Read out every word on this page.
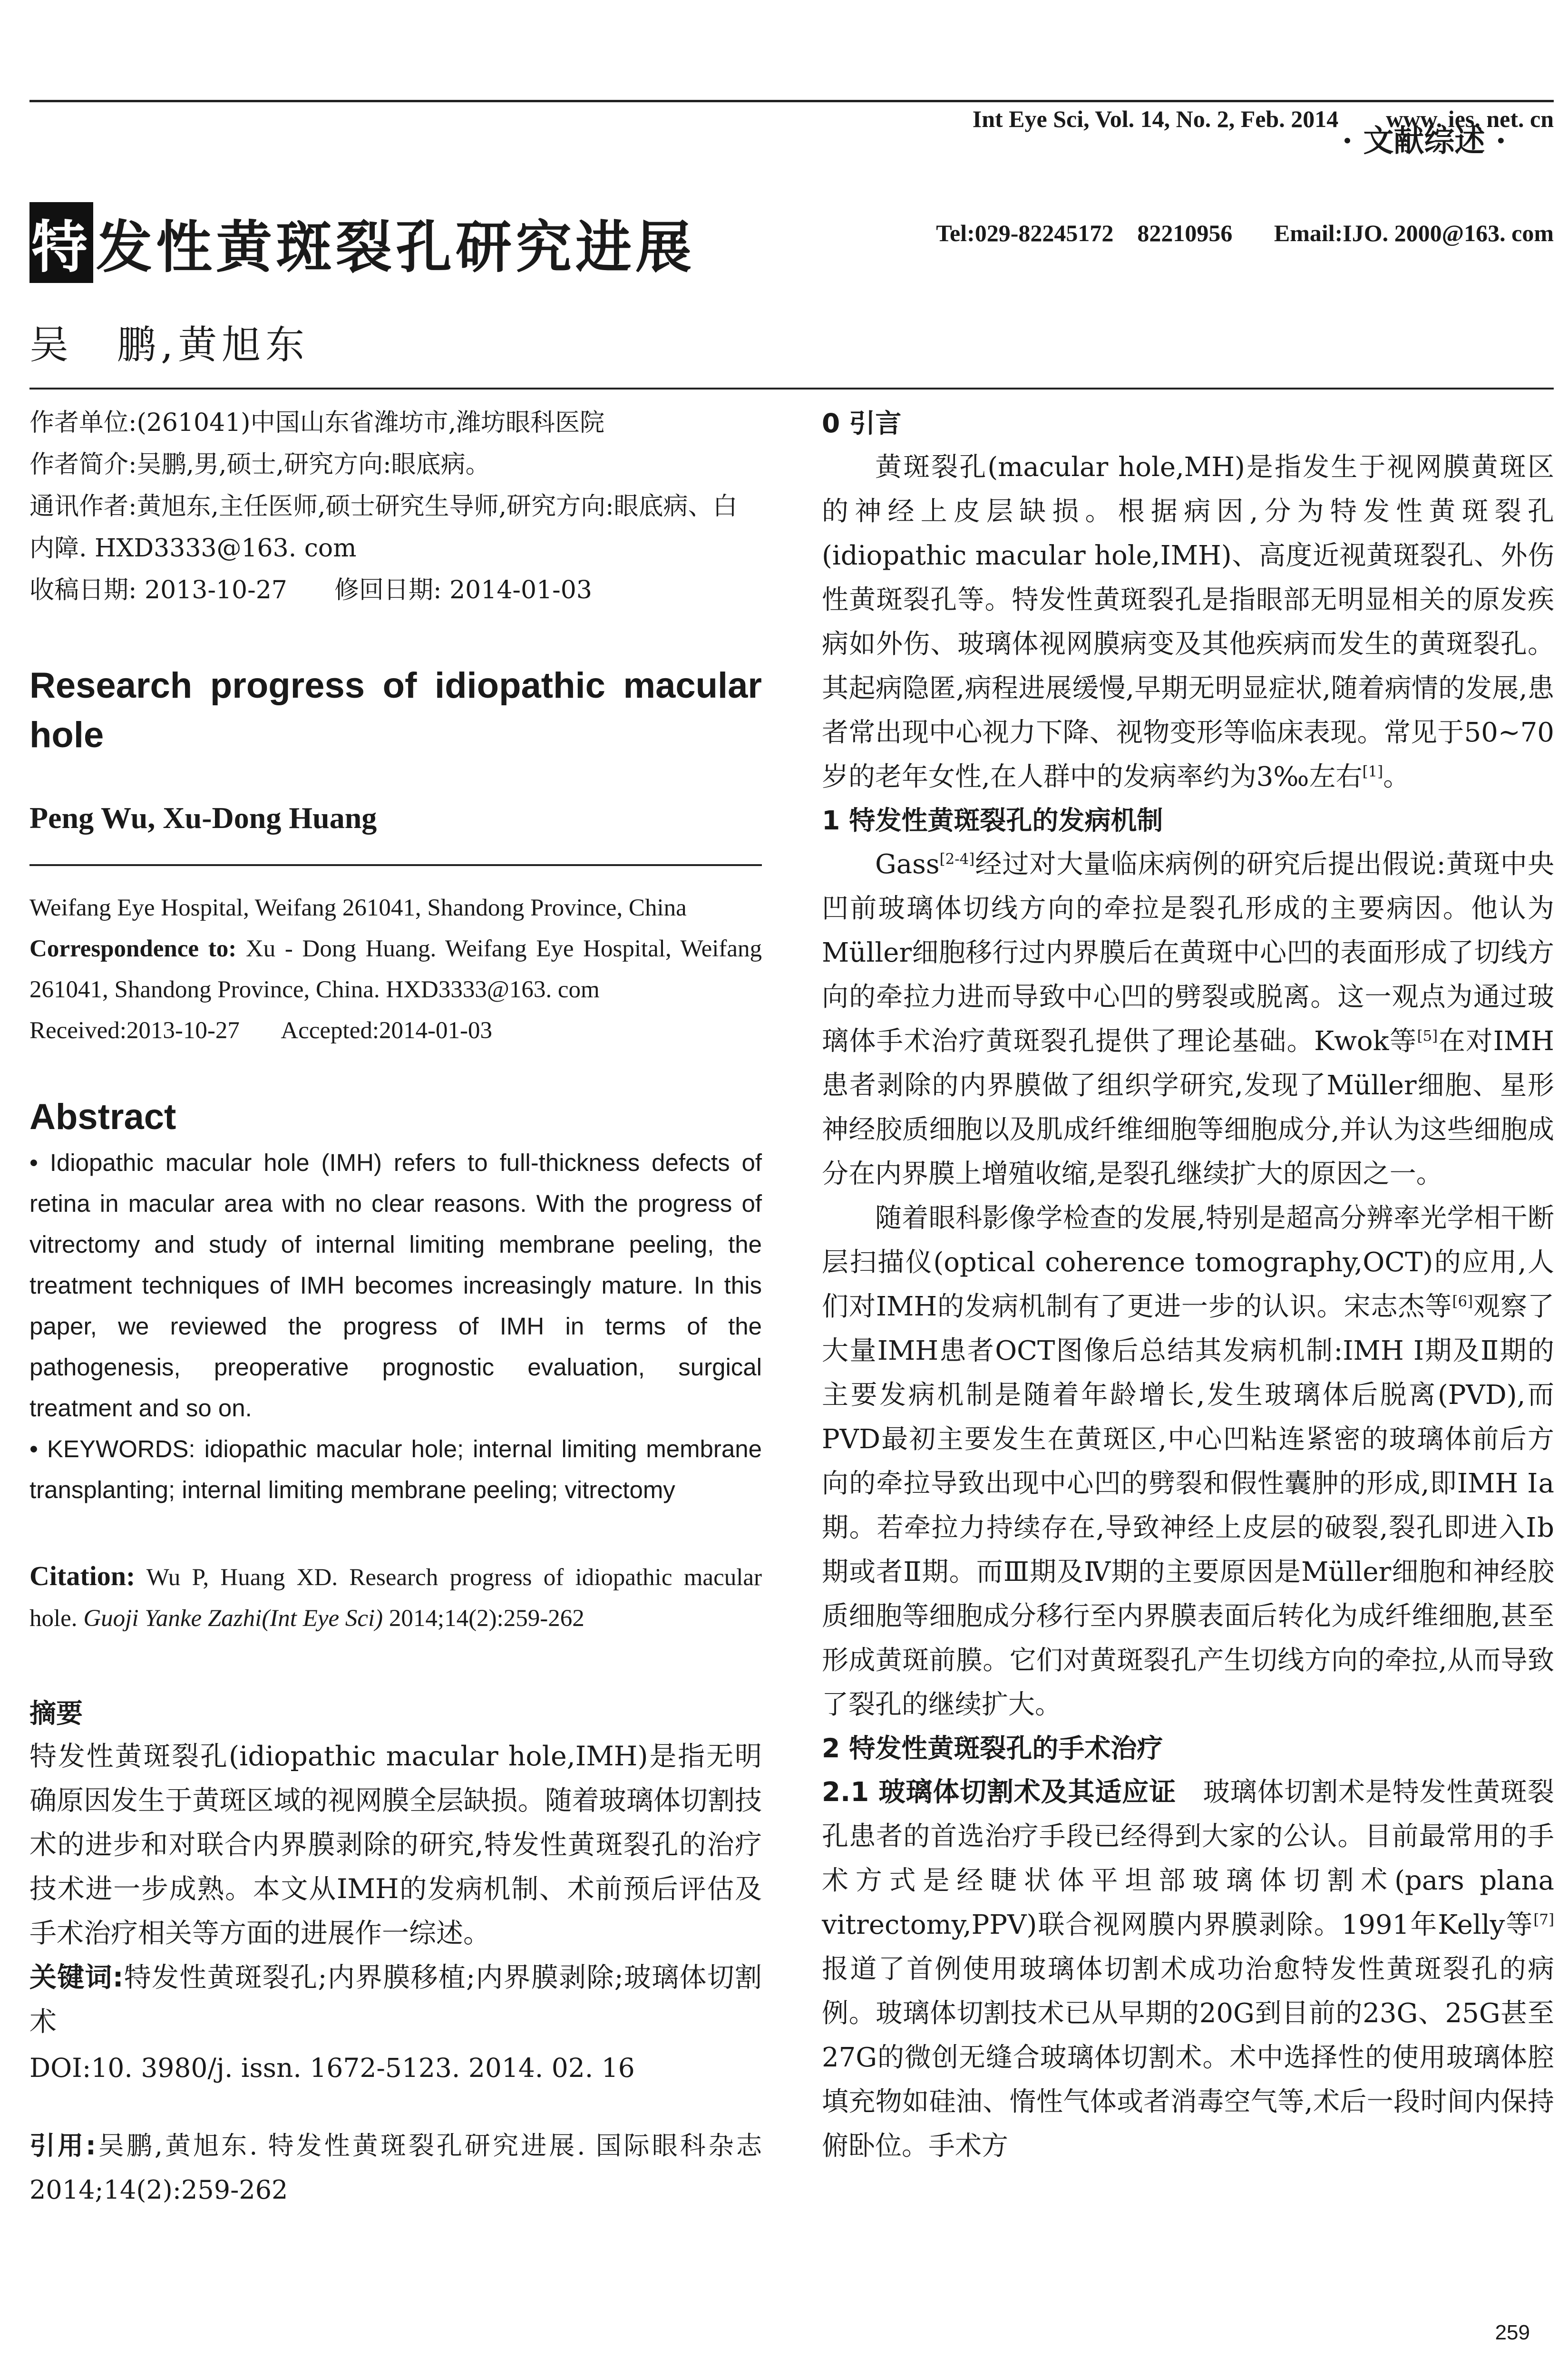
Int Eye Sci, Vol. 14, No. 2, Feb. 2014        www. ies. net. cn

Tel:029-82245172    82210956       Email:IJO. 2000@163. com

· 文献综述 ·
特发性黄斑裂孔研究进展
吴　鹏,黄旭东

作者单位:(261041)中国山东省潍坊市,潍坊眼科医院

作者简介:吴鹏,男,硕士,研究方向:眼底病。

通讯作者:黄旭东,主任医师,硕士研究生导师,研究方向:眼底病、白内障. HXD3333@163. com

收稿日期: 2013-10-27      修回日期: 2014-01-03

Research progress of idiopathic macular hole
Peng Wu, Xu-Dong Huang

Weifang Eye Hospital, Weifang 261041, Shandong Province, China

Correspondence to: Xu - Dong Huang. Weifang Eye Hospital, Weifang 261041, Shandong Province, China. HXD3333@163. com

Received:2013-10-27       Accepted:2014-01-03
Abstract

• Idiopathic macular hole (IMH) refers to full-thickness defects of retina in macular area with no clear reasons. With the progress of vitrectomy and study of internal limiting membrane peeling, the treatment techniques of IMH becomes increasingly mature. In this paper, we reviewed the progress of IMH in terms of the pathogenesis, preoperative prognostic evaluation, surgical treatment and so on.

• KEYWORDS: idiopathic macular hole; internal limiting membrane transplanting; internal limiting membrane peeling; vitrectomy

Citation: Wu P, Huang XD. Research progress of idiopathic macular hole. Guoji Yanke Zazhi(Int Eye Sci) 2014;14(2):259-262

摘要

特发性黄斑裂孔(idiopathic macular hole,IMH)是指无明确原因发生于黄斑区域的视网膜全层缺损。随着玻璃体切割技术的进步和对联合内界膜剥除的研究,特发性黄斑裂孔的治疗技术进一步成熟。本文从IMH的发病机制、术前预后评估及手术治疗相关等方面的进展作一综述。

关键词:特发性黄斑裂孔;内界膜移植;内界膜剥除;玻璃体切割术

DOI:10. 3980/j. issn. 1672-5123. 2014. 02. 16
引用:吴鹏,黄旭东. 特发性黄斑裂孔研究进展. 国际眼科杂志 2014;14(2):259-262

0 引言

黄斑裂孔(macular hole,MH)是指发生于视网膜黄斑区的神经上皮层缺损。根据病因,分为特发性黄斑裂孔(idiopathic macular hole,IMH)、高度近视黄斑裂孔、外伤性黄斑裂孔等。特发性黄斑裂孔是指眼部无明显相关的原发疾病如外伤、玻璃体视网膜病变及其他疾病而发生的黄斑裂孔。其起病隐匿,病程进展缓慢,早期无明显症状,随着病情的发展,患者常出现中心视力下降、视物变形等临床表现。常见于50~70岁的老年女性,在人群中的发病率约为3‰左右[1]。

1 特发性黄斑裂孔的发病机制

Gass[2-4]经过对大量临床病例的研究后提出假说:黄斑中央凹前玻璃体切线方向的牵拉是裂孔形成的主要病因。他认为Müller细胞移行过内界膜后在黄斑中心凹的表面形成了切线方向的牵拉力进而导致中心凹的劈裂或脱离。这一观点为通过玻璃体手术治疗黄斑裂孔提供了理论基础。Kwok等[5]在对IMH患者剥除的内界膜做了组织学研究,发现了Müller细胞、星形神经胶质细胞以及肌成纤维细胞等细胞成分,并认为这些细胞成分在内界膜上增殖收缩,是裂孔继续扩大的原因之一。

随着眼科影像学检查的发展,特别是超高分辨率光学相干断层扫描仪(optical coherence tomography,OCT)的应用,人们对IMH的发病机制有了更进一步的认识。宋志杰等[6]观察了大量IMH患者OCT图像后总结其发病机制:IMH Ⅰ期及Ⅱ期的主要发病机制是随着年龄增长,发生玻璃体后脱离(PVD),而PVD最初主要发生在黄斑区,中心凹粘连紧密的玻璃体前后方向的牵拉导致出现中心凹的劈裂和假性囊肿的形成,即IMH Ⅰa期。若牵拉力持续存在,导致神经上皮层的破裂,裂孔即进入Ⅰb期或者Ⅱ期。而Ⅲ期及Ⅳ期的主要原因是Müller细胞和神经胶质细胞等细胞成分移行至内界膜表面后转化为成纤维细胞,甚至形成黄斑前膜。它们对黄斑裂孔产生切线方向的牵拉,从而导致了裂孔的继续扩大。

2 特发性黄斑裂孔的手术治疗

2.1 玻璃体切割术及其适应证　玻璃体切割术是特发性黄斑裂孔患者的首选治疗手段已经得到大家的公认。目前最常用的手术方式是经睫状体平坦部玻璃体切割术(pars plana vitrectomy,PPV)联合视网膜内界膜剥除。1991年Kelly等[7]报道了首例使用玻璃体切割术成功治愈特发性黄斑裂孔的病例。玻璃体切割技术已从早期的20G到目前的23G、25G甚至27G的微创无缝合玻璃体切割术。术中选择性的使用玻璃体腔填充物如硅油、惰性气体或者消毒空气等,术后一段时间内保持俯卧位。手术方

259
